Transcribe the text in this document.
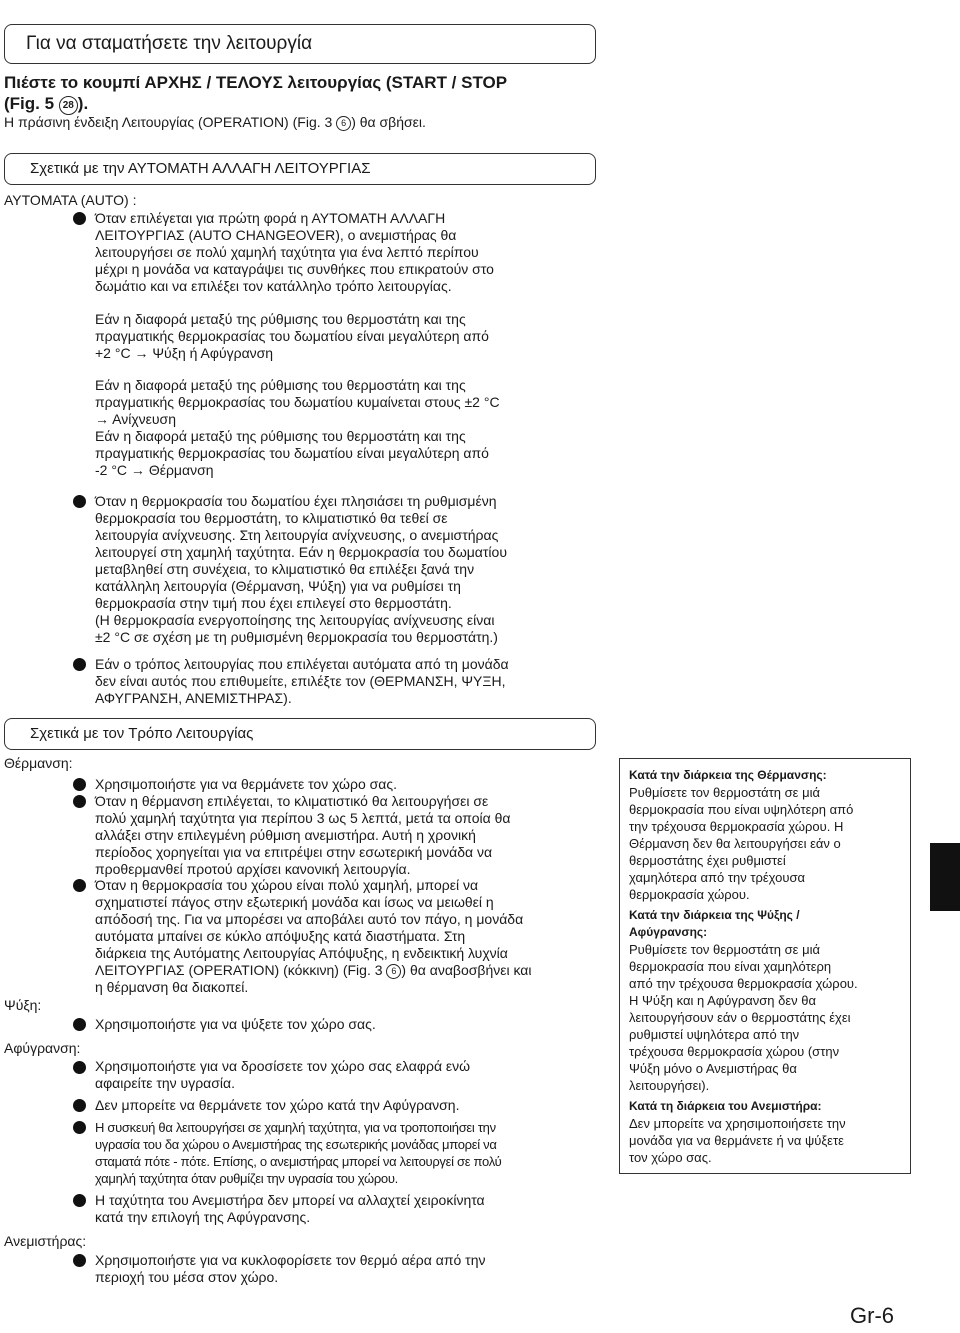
Για να σταματήσετε την λειτουργία
Πιέστε το κουμπί ΑΡΧΗΣ / ΤΕΛΟΥΣ λειτουργίας (START / STOP
(Fig. 5 28 ).
Η πράσινη ένδειξη Λειτουργίας (OPERATION) (Fig. 3 6 ) θα σβήσει.
Σχετικά με την ΑΥΤΟΜΑΤΗ ΑΛΛΑΓΗ ΛΕΙΤΟΥΡΓΙΑΣ
ΑΥΤΟΜΑΤΑ (AUTO) :
Όταν επιλέγεται για πρώτη φορά η ΑΥΤΟΜΑΤΗ ΑΛΛΑΓΗ
ΛΕΙΤΟΥΡΓΙΑΣ (AUTO CHANGEOVER), ο ανεμιστήρας θα
λειτουργήσει σε πολύ χαμηλή ταχύτητα για ένα λεπτό περίπου
μέχρι η μονάδα να καταγράψει τις συνθήκες που επικρατούν στο
δωμάτιο και να επιλέξει τον κατάλληλο τρόπο λειτουργίας.
Εάν η διαφορά μεταξύ της ρύθμισης του θερμοστάτη και της
πραγματικής θερμοκρασίας του δωματίου είναι μεγαλύτερη από
+2 °C → Ψύξη ή Αφύγρανση
Εάν η διαφορά μεταξύ της ρύθμισης του θερμοστάτη και της
πραγματικής θερμοκρασίας του δωματίου κυμαίνεται στους ±2 °C
→ Ανίχνευση
Εάν η διαφορά μεταξύ της ρύθμισης του θερμοστάτη και της
πραγματικής θερμοκρασίας του δωματίου είναι μεγαλύτερη από
-2 °C → Θέρμανση
Όταν η θερμοκρασία του δωματίου έχει πλησιάσει τη ρυθμισμένη
θερμοκρασία του θερμοστάτη, το κλιματιστικό θα τεθεί σε
λειτουργία ανίχνευσης. Στη λειτουργία ανίχνευσης, ο ανεμιστήρας
λειτουργεί στη χαμηλή ταχύτητα. Εάν η θερμοκρασία του δωματίου
μεταβληθεί στη συνέχεια, το κλιματιστικό θα επιλέξει ξανά την
κατάλληλη λειτουργία (Θέρμανση, Ψύξη) για να ρυθμίσει τη
θερμοκρασία στην τιμή που έχει επιλεγεί στο θερμοστάτη.
(Η θερμοκρασία ενεργοποίησης της λειτουργίας ανίχνευσης είναι
±2 °C σε σχέση με τη ρυθμισμένη θερμοκρασία του θερμοστάτη.)
Εάν ο τρόπος λειτουργίας που επιλέγεται αυτόματα από τη μονάδα
δεν είναι αυτός που επιθυμείτε, επιλέξτε τον (ΘΕΡΜΑΝΣΗ, ΨΥΞΗ,
ΑΦΥΓΡΑΝΣΗ, ΑΝΕΜΙΣΤΗΡΑΣ).
Σχετικά με τον Τρόπο Λειτουργίας
Θέρμανση:
Χρησιμοποιήστε για να θερμάνετε τον χώρο σας.
Όταν η θέρμανση επιλέγεται, το κλιματιστικό θα λειτουργήσει σε
πολύ χαμηλή ταχύτητα για περίπου 3 ως 5 λεπτά, μετά τα οποία θα
αλλάξει στην επιλεγμένη ρύθμιση ανεμιστήρα. Αυτή η χρονική
περίοδος χορηγείται για να επιτρέψει στην εσωτερική μονάδα να
προθερμανθεί προτού αρχίσει κανονική λειτουργία.
Όταν η θερμοκρασία του χώρου είναι πολύ χαμηλή, μπορεί να
σχηματιστεί πάγος στην εξωτερική μονάδα και ίσως να μειωθεί η
απόδοσή της. Για να μπορέσει να αποβάλει αυτό τον πάγο, η μονάδα
αυτόματα μπαίνει σε κύκλο απόψυξης κατά διαστήματα. Στη
διάρκεια της Αυτόματης Λειτουργίας Απόψυξης, η ενδεικτική λυχνία
ΛΕΙΤΟΥΡΓΙΑΣ (OPERATION) (κόκκινη) (Fig. 3 6 ) θα αναβοσβήνει και
η θέρμανση θα διακοπεί.
Ψύξη:
Χρησιμοποιήστε για να ψύξετε τον χώρο σας.
Αφύγρανση:
Χρησιμοποιήστε για να δροσίσετε τον χώρο σας ελαφρά ενώ
αφαιρείτε την υγρασία.
Δεν μπορείτε να θερμάνετε τον χώρο κατά την Αφύγρανση.
Η συσκευή θα λειτουργήσει σε χαμηλή ταχύτητα, για να τροποποιήσει την
υγρασία του δα χώρου ο Ανεμιστήρας της εσωτερικής μονάδας μπορεί να
σταματά πότε - πότε. Επίσης, ο ανεμιστήρας μπορεί να λειτουργεί σε πολύ
χαμηλή ταχύτητα όταν ρυθμίζει την υγρασία του χώρου.
Η ταχύτητα του Ανεμιστήρα δεν μπορεί να αλλαχτεί χειροκίνητα
κατά την επιλογή της Αφύγρανσης.
Ανεμιστήρας:
Χρησιμοποιήστε για να κυκλοφορίσετε τον θερμό αέρα από την
περιοχή του μέσα στον χώρο.
Κατά την διάρκεια της Θέρμανσης:
Ρυθμίσετε τον θερμοστάτη σε μιά
θερμοκρασία που είναι υψηλότερη από
την τρέχουσα θερμοκρασία χώρου. Η
Θέρμανση δεν θα λειτουργήσει εάν ο
θερμοστάτης έχει ρυθμιστεί
χαμηλότερα από την τρέχουσα
θερμοκρασία χώρου.
Κατά την διάρκεια της Ψύξης /
Αφύγρανσης:
Ρυθμίσετε τον θερμοστάτη σε μιά
θερμοκρασία που είναι χαμηλότερη
από την τρέχουσα θερμοκρασία χώρου.
Η Ψύξη και η Αφύγρανση δεν θα
λειτουργήσουν εάν ο θερμοστάτης έχει
ρυθμιστεί υψηλότερα από την
τρέχουσα θερμοκρασία χώρου (στην
Ψύξη μόνο ο Ανεμιστήρας θα
λειτουργήσει).
Κατά τη διάρκεια του Ανεμιστήρα:
Δεν μπορείτε να χρησιμοποιήσετε την
μονάδα για να θερμάνετε ή να ψύξετε
τον χώρο σας.
Gr-6
